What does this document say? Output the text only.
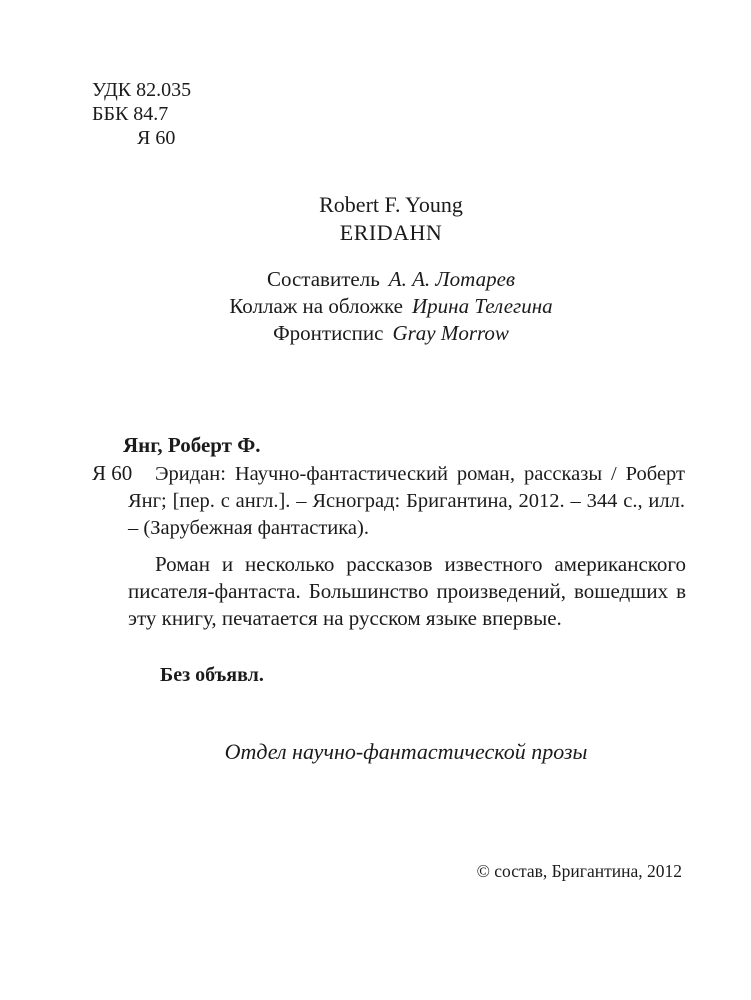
УДК 82.035
ББК 84.7
Я 60
Robert F. Young
ERIDAHN
Составитель А. А. Лотарев
Коллаж на обложке Ирина Телегина
Фронтиспис Gray Morrow
Янг, Роберт Ф.
Я 60	Эридан: Научно-фантастический роман, рассказы / Роберт Янг; [пер. с англ.]. – Ясноград: Бригантина, 2012. – 344 с., илл. – (Зарубежная фантастика).
Роман и несколько рассказов известного американского писателя-фантаста. Большинство произведений, вошедших в эту книгу, печатается на русском языке впервые.
Без объявл.
Отдел научно-фантастической прозы
© состав, Бригантина, 2012
